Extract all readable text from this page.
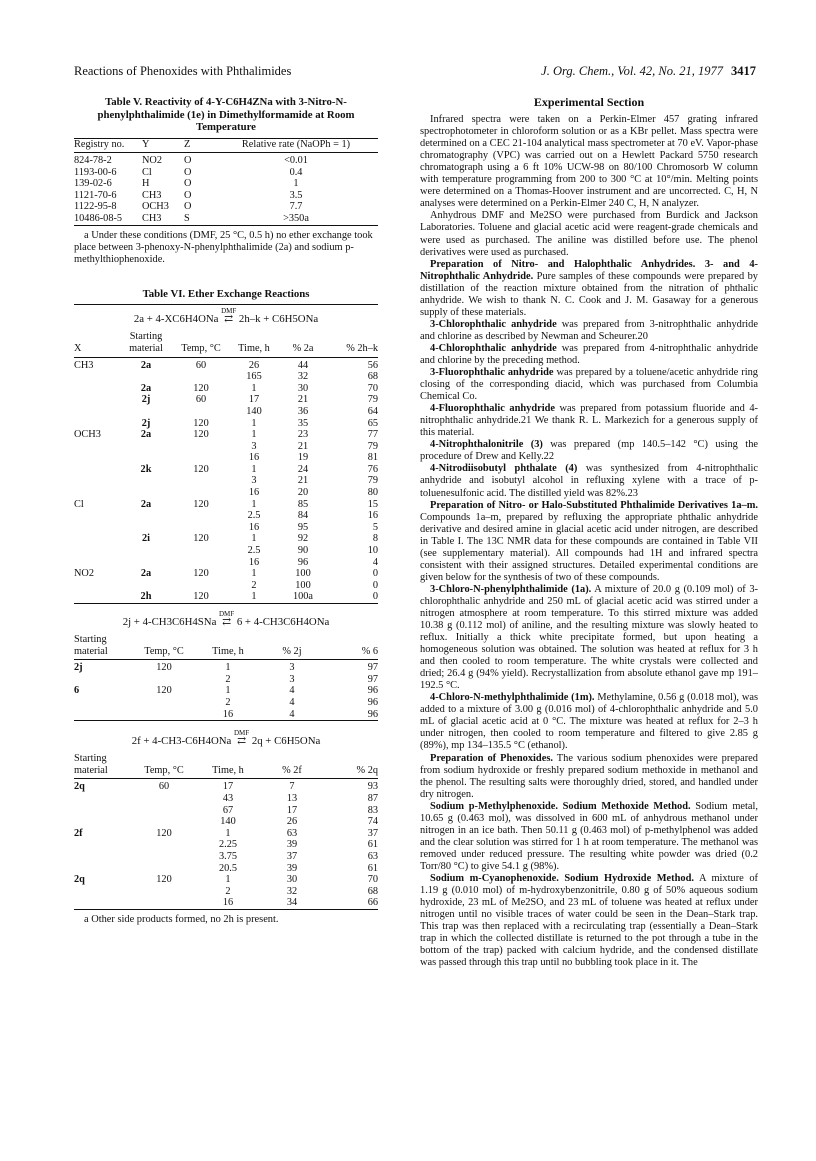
Reactions of Phenoxides with Phthalimides	J. Org. Chem., Vol. 42, No. 21, 1977 3417
Table V. Reactivity of 4-Y-C6H4ZNa with 3-Nitro-N-phenylphthalimide (1e) in Dimethylformamide at Room Temperature
Registry no.	Y	Z	Relative rate (NaOPh = 1)

824-78-2	NO2	O	<0.01
1193-00-6	Cl	O	0.4
139-02-6	H	O	1
1121-70-6	CH3	O	3.5
1122-95-8	OCH3	O	7.7
10486-08-5	CH3	S	>350a

a Under these conditions (DMF, 25 °C, 0.5 h) no ether exchange took place between 3-phenoxy-N-phenylphthalimide (2a) and sodium p-methylthiophenoxide.

Table VI. Ether Exchange Reactions
2a + 4-XC6H4ONa
DMF
⇄ 2h–k + C6H5ONa
X	Starting material	Temp, °C	Time, h	% 2a	% 2h–k

CH3	2a	60	26	44	56
			165	32	68
	2a	120	1	30	70
	2j	60	17	21	79
			140	36	64
	2j	120	1	35	65
OCH3	2a	120	1	23	77
			3	21	79
			16	19	81
	2k	120	1	24	76
			3	21	79
			16	20	80
Cl	2a	120	1	85	15
			2.5	84	16
			16	95	5
	2i	120	1	92	8
			2.5	90	10
			16	96	4
NO2	2a	120	1	100	0
			2	100	0
	2h	120	1	100a	0
2j + 4-CH3C6H4SNa
DMF
⇄ 6 + 4-CH3C6H4ONa
Starting material	Temp, °C	Time, h	% 2j	% 6

2j	120	1	3	97
		2	3	97
6	120	1	4	96
		2	4	96
		16	4	96
2f + 4-CH3-C6H4ONa
DMF
⇄ 2q + C6H5ONa
Starting material	Temp, °C	Time, h	% 2f	% 2q

2q	60	17	7	93
		43	13	87
		67	17	83
		140	26	74
2f	120	1	63	37
		2.25	39	61
		3.75	37	63
		20.5	39	61
2q	120	1	30	70
		2	32	68
		16	34	66

a Other side products formed, no 2h is present.

Experimental Section

Infrared spectra were taken on a Perkin-Elmer 457 grating infrared spectrophotometer in chloroform solution or as a KBr pellet. Mass spectra were determined on a CEC 21-104 analytical mass spectrometer at 70 eV. Vapor-phase chromatography (VPC) was carried out on a Hewlett Packard 5750 research chromatograph using a 6 ft 10% UCW-98 on 80/100 Chromosorb W column with temperature programming from 200 to 300 °C at 10°/min. Melting points were determined on a Thomas-Hoover instrument and are uncorrected. C, H, N analyses were determined on a Perkin-Elmer 240 C, H, N analyzer.

Anhydrous DMF and Me2SO were purchased from Burdick and Jackson Laboratories. Toluene and glacial acetic acid were reagent-grade chemicals and were used as purchased. The aniline was distilled before use. The phenol derivatives were used as purchased.

Preparation of Nitro- and Halophthalic Anhydrides. 3- and 4-Nitrophthalic Anhydride. Pure samples of these compounds were prepared by distillation of the reaction mixture obtained from the nitration of phthalic anhydride. We wish to thank N. C. Cook and J. M. Gasaway for a generous supply of these materials.

3-Chlorophthalic anhydride was prepared from 3-nitrophthalic anhydride and chlorine as described by Newman and Scheurer.20

4-Chlorophthalic anhydride was prepared from 4-nitrophthalic anhydride and chlorine by the preceding method.

3-Fluorophthalic anhydride was prepared by a toluene/acetic anhydride ring closing of the corresponding diacid, which was purchased from Columbia Chemical Co.

4-Fluorophthalic anhydride was prepared from potassium fluoride and 4-nitrophthalic anhydride.21 We thank R. L. Markezich for a generous supply of this material.

4-Nitrophthalonitrile (3) was prepared (mp 140.5–142 °C) using the procedure of Drew and Kelly.22

4-Nitrodiisobutyl phthalate (4) was synthesized from 4-nitrophthalic anhydride and isobutyl alcohol in refluxing xylene with a trace of p-toluenesulfonic acid. The distilled yield was 82%.23

Preparation of Nitro- or Halo-Substituted Phthalimide Derivatives 1a–m. Compounds 1a–m, prepared by refluxing the appropriate phthalic anhydride derivative and desired amine in glacial acetic acid under nitrogen, are described in Table I. The 13C NMR data for these compounds are contained in Table VII (see supplementary material). All compounds had 1H and infrared spectra consistent with their assigned structures. Detailed experimental conditions are given below for the synthesis of two of these compounds.

3-Chloro-N-phenylphthalimide (1a). A mixture of 20.0 g (0.109 mol) of 3-chlorophthalic anhydride and 250 mL of glacial acetic acid was stirred under a nitrogen atmosphere at room temperature. To this stirred mixture was added 10.38 g (0.112 mol) of aniline, and the resulting mixture was slowly heated to reflux. Initially a thick white precipitate formed, but upon heating a homogeneous solution was obtained. The solution was heated at reflux for 3 h and then cooled to room temperature. The white crystals were collected and dried; 26.4 g (94% yield). Recrystallization from absolute ethanol gave mp 191–192.5 °C.

4-Chloro-N-methylphthalimide (1m). Methylamine, 0.56 g (0.018 mol), was added to a mixture of 3.00 g (0.016 mol) of 4-chlorophthalic anhydride and 5.0 mL of glacial acetic acid at 0 °C. The mixture was heated at reflux for 2–3 h under nitrogen, then cooled to room temperature and filtered to give 2.85 g (89%), mp 134–135.5 °C (ethanol).

Preparation of Phenoxides. The various sodium phenoxides were prepared from sodium hydroxide or freshly prepared sodium methoxide in methanol and the phenol. The resulting salts were thoroughly dried, stored, and handled under dry nitrogen.

Sodium p-Methylphenoxide. Sodium Methoxide Method. Sodium metal, 10.65 g (0.463 mol), was dissolved in 600 mL of anhydrous methanol under nitrogen in an ice bath. Then 50.11 g (0.463 mol) of p-methylphenol was added and the clear solution was stirred for 1 h at room temperature. The methanol was removed under reduced pressure. The resulting white powder was dried (0.2 Torr/80 °C) to give 54.1 g (98%).

Sodium m-Cyanophenoxide. Sodium Hydroxide Method. A mixture of 1.19 g (0.010 mol) of m-hydroxybenzonitrile, 0.80 g of 50% aqueous sodium hydroxide, 23 mL of Me2SO, and 23 mL of toluene was heated at reflux under nitrogen until no visible traces of water could be seen in the Dean–Stark trap. This trap was then replaced with a recirculating trap (essentially a Dean–Stark trap in which the collected distillate is returned to the pot through a tube in the bottom of the trap) packed with calcium hydride, and the condensed distillate was passed through this trap until no bubbling took place in it. The
